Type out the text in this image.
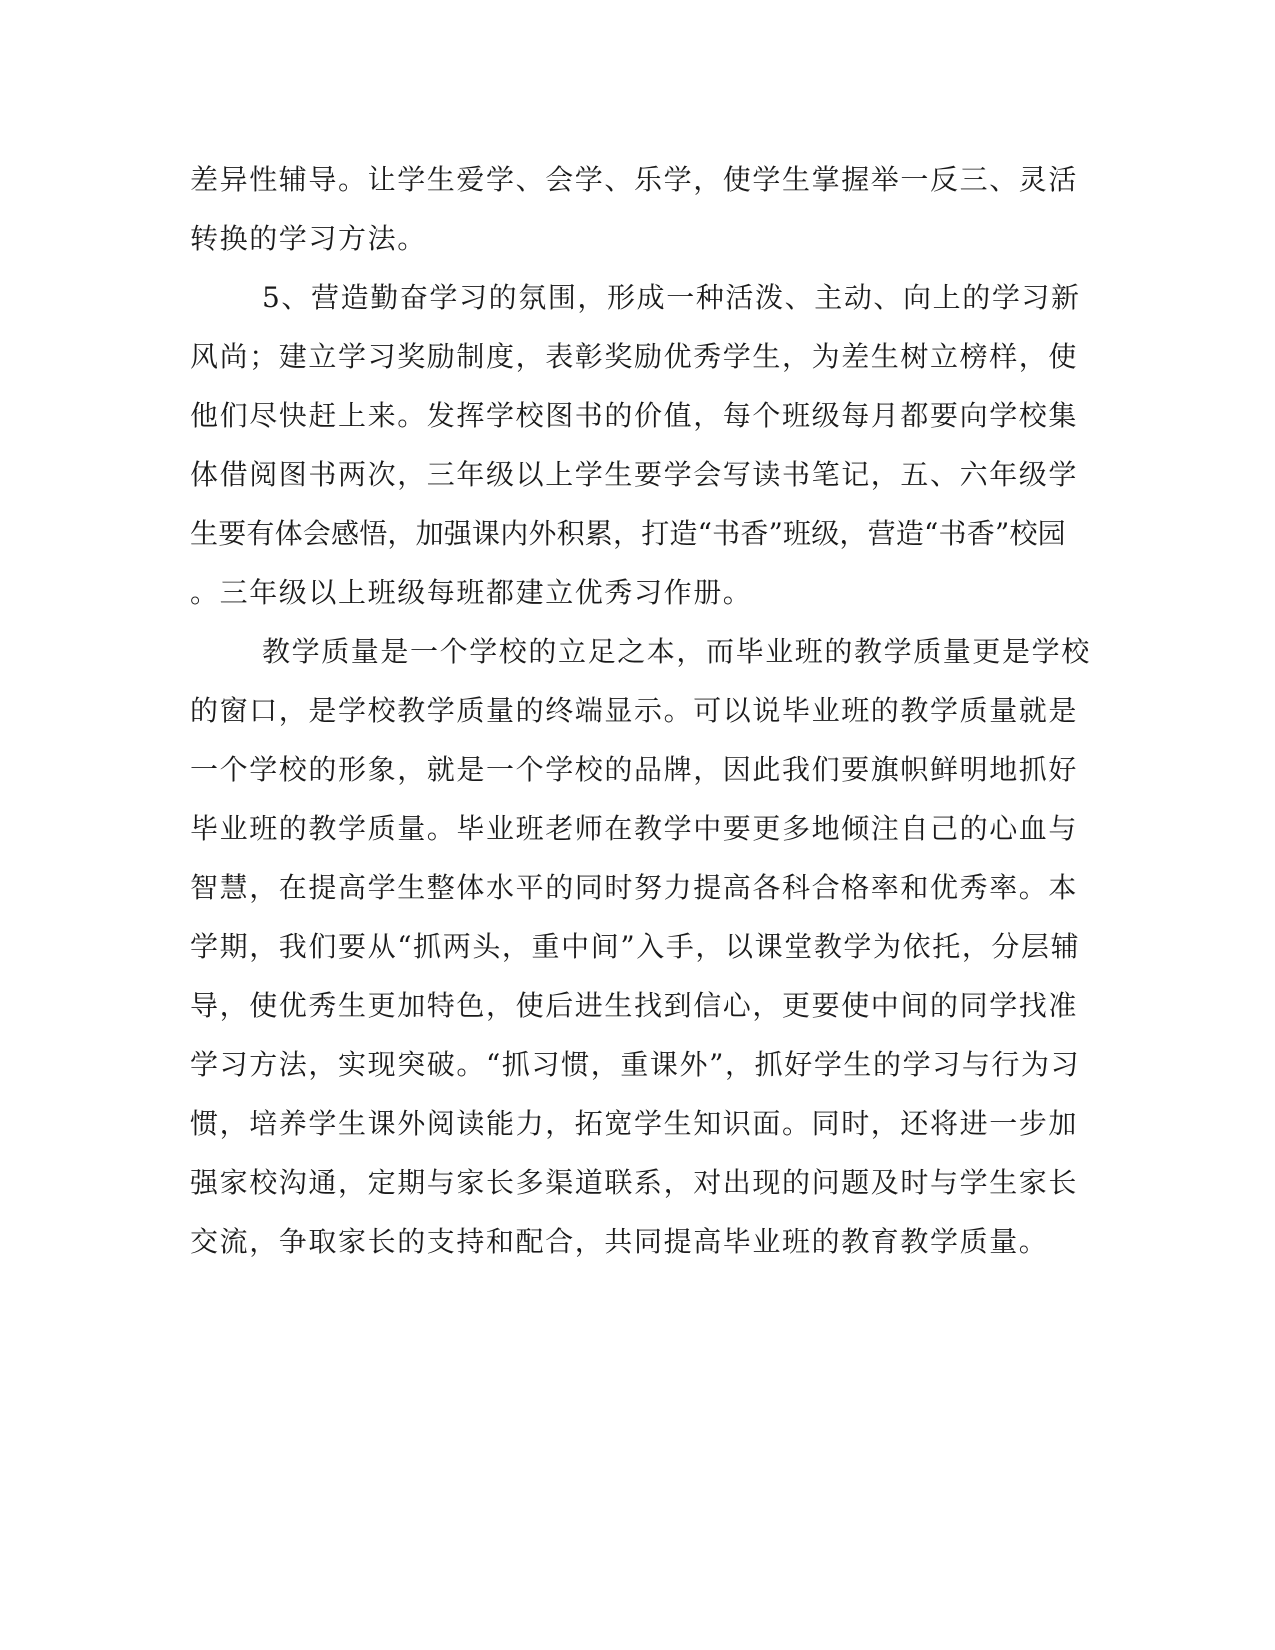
差异性辅导。让学生爱学、会学、乐学，使学生掌握举一反三、灵活
转换的学习方法。
5、营造勤奋学习的氛围，形成一种活泼、主动、向上的学习新
风尚；建立学习奖励制度，表彰奖励优秀学生，为差生树立榜样，使
他们尽快赶上来。发挥学校图书的价值，每个班级每月都要向学校集
体借阅图书两次，三年级以上学生要学会写读书笔记，五、六年级学
生要有体会感悟，加强课内外积累，打造“书香”班级，营造“书香”校园
。三年级以上班级每班都建立优秀习作册。
教学质量是一个学校的立足之本，而毕业班的教学质量更是学校
的窗口，是学校教学质量的终端显示。可以说毕业班的教学质量就是
一个学校的形象，就是一个学校的品牌，因此我们要旗帜鲜明地抓好
毕业班的教学质量。毕业班老师在教学中要更多地倾注自己的心血与
智慧，在提高学生整体水平的同时努力提高各科合格率和优秀率。本
学期，我们要从“抓两头，重中间”入手，以课堂教学为依托，分层辅
导，使优秀生更加特色，使后进生找到信心，更要使中间的同学找准
学习方法，实现突破。“抓习惯，重课外”，抓好学生的学习与行为习
惯，培养学生课外阅读能力，拓宽学生知识面。同时，还将进一步加
强家校沟通，定期与家长多渠道联系，对出现的问题及时与学生家长
交流，争取家长的支持和配合，共同提高毕业班的教育教学质量。
